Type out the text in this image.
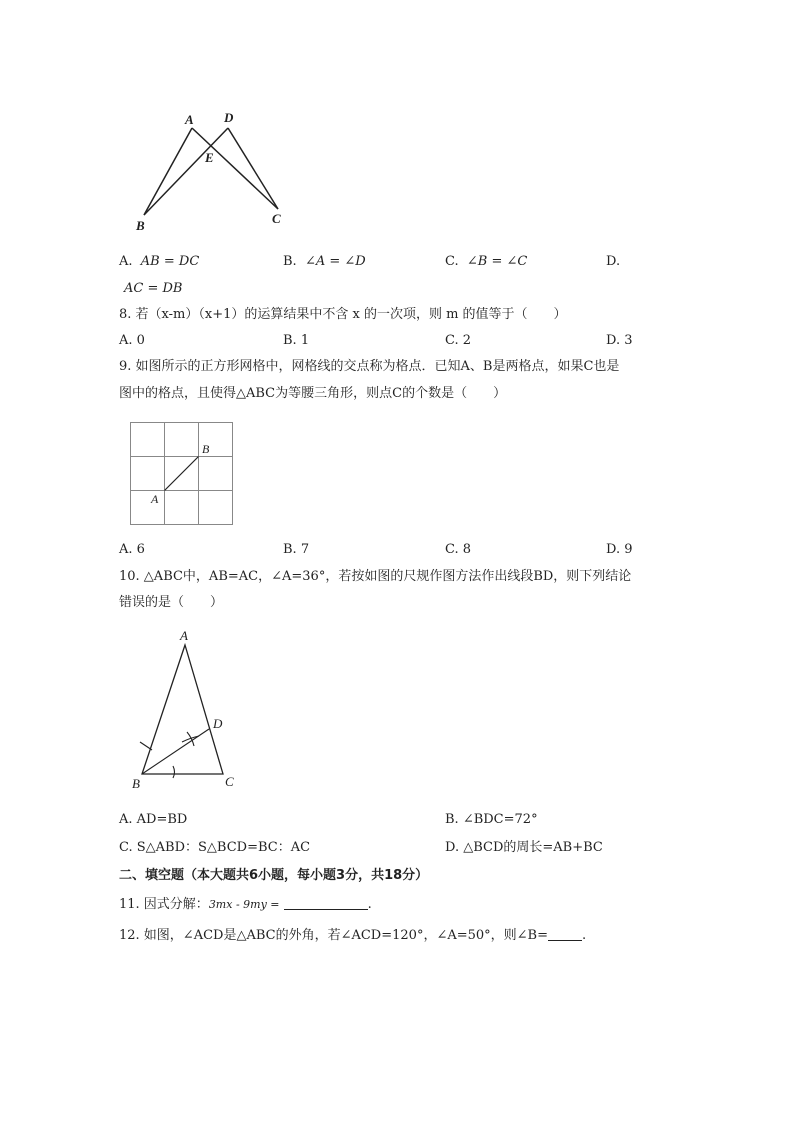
A D
E
B	C
A. AB = DC	B. ∠A = ∠D	C. ∠B = ∠C	D.
AC = DB
8. 若（x-m）（x+1）的运算结果中不含 x 的一次项，则 m 的值等于（　　）
A. 0	B. 1	C. 2	D. 3
9. 如图所示的正方形网格中，网格线的交点称为格点．已知A、B是两格点，如果C也是
图中的格点，且使得△ABC为等腰三角形，则点C的个数是（　　）
B
A
A. 6	B. 7	C. 8	D. 9
10. △ABC中，AB=AC，∠A=36°，若按如图的尺规作图方法作出线段BD，则下列结论
错误的是（　　）
A
D
B	C
A. AD=BD	B. ∠BDC=72°
C. S△ABD：S△BCD=BC：AC	D. △BCD的周长=AB+BC
二、填空题（本大题共6小题，每小题3分，共18分）
11. 因式分解：3mx - 9my =	.
12. 如图，∠ACD是△ABC的外角，若∠ACD=120°，∠A=50°，则∠B=	.
